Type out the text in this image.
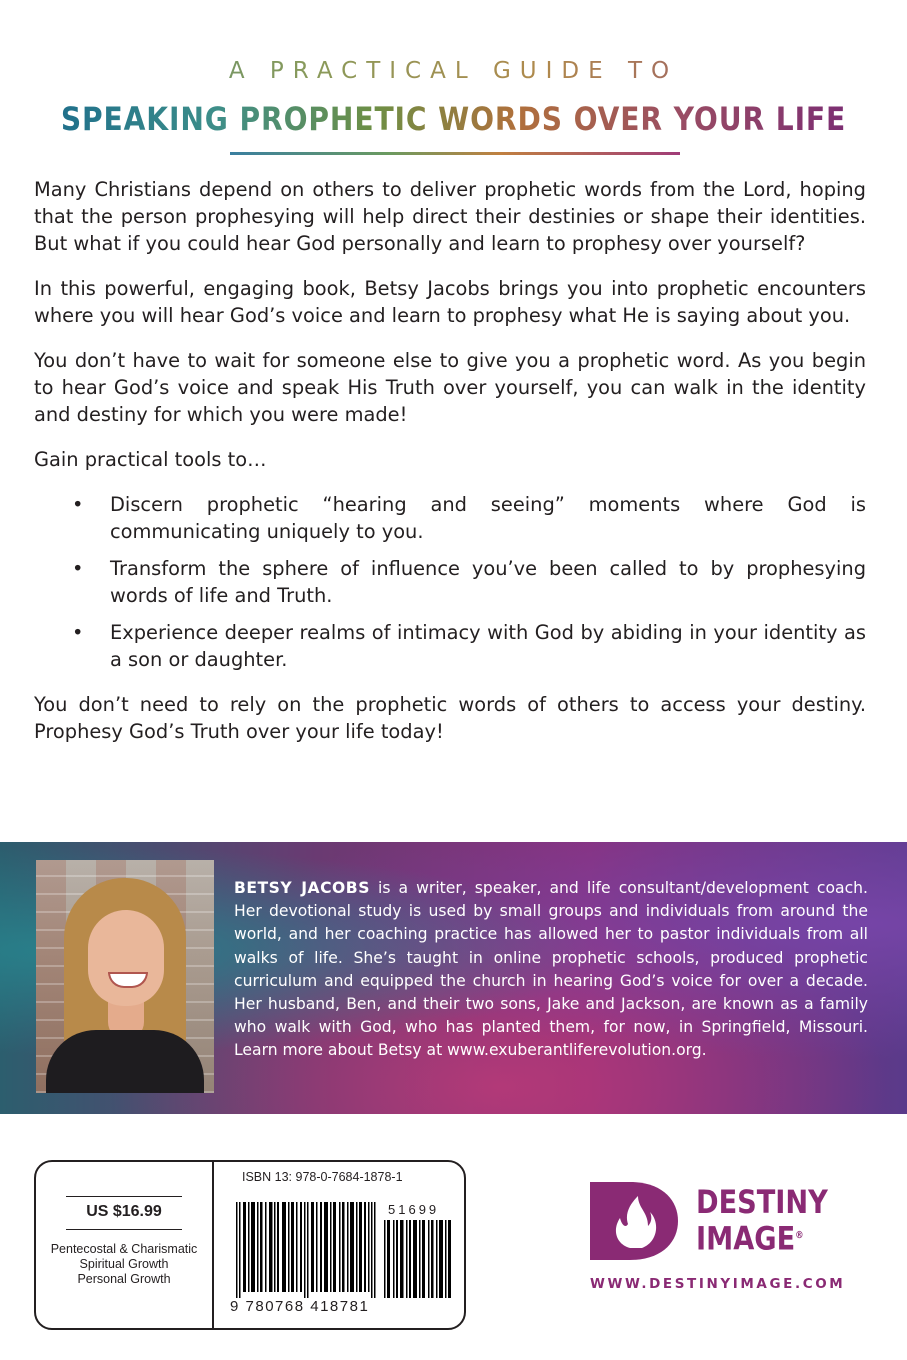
A PRACTICAL GUIDE TO
SPEAKING PROPHETIC WORDS OVER YOUR LIFE

Many Christians depend on others to deliver prophetic words from the Lord, hoping that the person prophesying will help direct their destinies or shape their identities. But what if you could hear God personally and learn to prophesy over yourself?

In this powerful, engaging book, Betsy Jacobs brings you into prophetic encounters where you will hear God’s voice and learn to prophesy what He is saying about you.

You don’t have to wait for someone else to give you a prophetic word. As you begin to hear God’s voice and speak His Truth over yourself, you can walk in the identity and destiny for which you were made!

Gain practical tools to…

• Discern prophetic “hearing and seeing” moments where God is communicating uniquely to you.
• Transform the sphere of influence you’ve been called to by prophesying words of life and Truth.
• Experience deeper realms of intimacy with God by abiding in your identity as a son or daughter.

You don’t need to rely on the prophetic words of others to access your destiny. Prophesy God’s Truth over your life today!

BETSY JACOBS is a writer, speaker, and life consultant/development coach. Her devotional study is used by small groups and individuals from around the world, and her coaching practice has allowed her to pastor individuals from all walks of life. She’s taught in online prophetic schools, produced prophetic curriculum and equipped the church in hearing God’s voice for over a decade. Her husband, Ben, and their two sons, Jake and Jackson, are known as a family who walk with God, who has planted them, for now, in Springfield, Missouri. Learn more about Betsy at www.exuberantliferevolution.org.
US $16.99
Pentecostal & Charismatic
Spiritual Growth
Personal Growth
ISBN 13: 978-0-7684-1878-1
51699
9 780768 418781
DESTINY
IMAGE®
WWW.DESTINYIMAGE.COM
